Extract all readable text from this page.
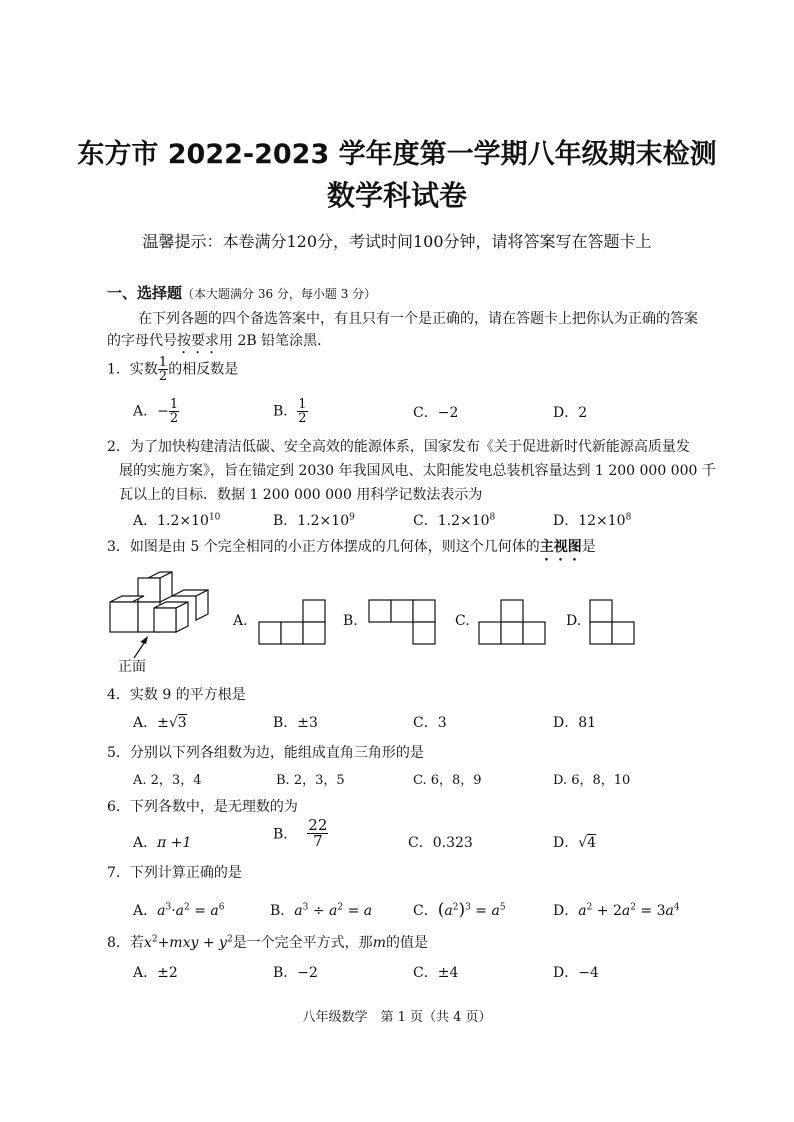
东方市 2022-2023 学年度第一学期八年级期末检测
数学科试卷
温馨提示：本卷满分120分，考试时间100分钟，请将答案写在答题卡上
一、选择题（本大题满分 36 分，每小题 3 分）
在下列各题的四个备选答案中，有且只有一个是正确的，请在答题卡上把你认为正确的答案
的字母代号按要求用 2B 铅笔涂黑．
1．实数 $\frac{1}{2}$ 的相反数是
A．− $\frac{1}{2}$	B． $\frac{1}{2}$	C．−2	D．2
2．为了加快构建清洁低碳、安全高效的能源体系，国家发布《关于促进新时代新能源高质量发
展的实施方案》，旨在锚定到 2030 年我国风电、太阳能发电总装机容量达到 1 200 000 000 千
瓦以上的目标．数据 1 200 000 000 用科学记数法表示为
A．$1.2\times 10^{10}$	B．$1.2\times 10^9$	C．$1.2\times 10^8$	D．$12\times 10^8$
3．如图是由 5 个完全相同的小正方体摆成的几何体，则这个几何体的主视图是
正面
A.	B.	C.	D.
4．实数 9 的平方根是
A．±√3	B．±3	C．3	D．81
5．分别以下列各组数为边，能组成直角三角形的是
A. 2，3，4	B. 2，3，5	C. 6，8，9	D. 6，8，10
6．下列各数中，是无理数的为
A．π +1
B． $\frac{22}{7}$	C．0.323	D．√4
7．下列计算正确的是
A．$a^3\cdot a^2 = a^6$	B．$a^3 \div a^2 = a$	C．$(a^2)^3 = a^5$	D．$a^2 + 2a^2 = 3a^4$
8．若$x^2+mxy + y^2$是一个完全平方式，那m的值是
A．±2	B．−2	C．±4	D．−4
八年级数学　第 1 页（共 4 页）
